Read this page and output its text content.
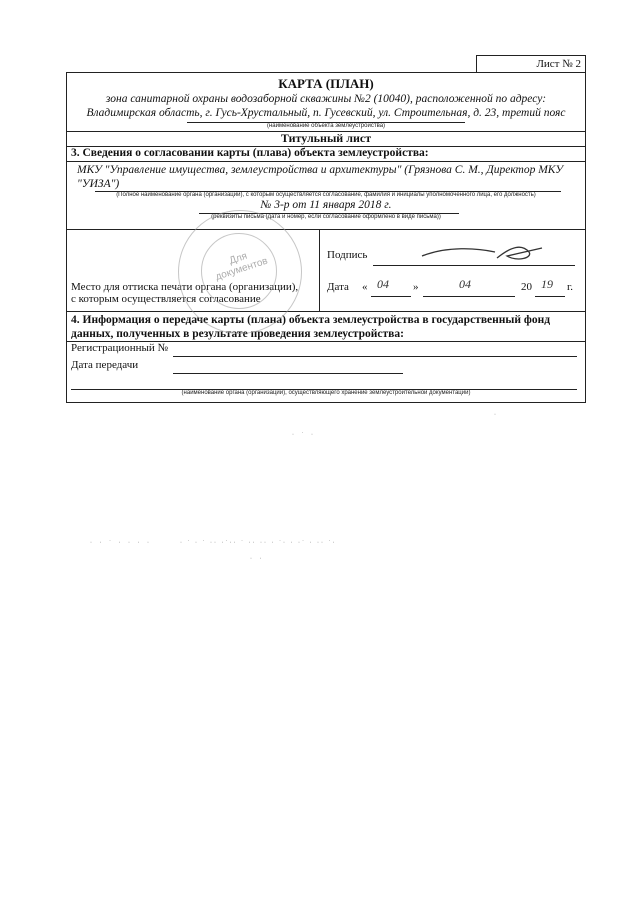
Лист № 2
КАРТА (ПЛАН)
зона санитарной охраны водозаборной скважины №2 (10040), расположенной по адресу:
Владимирская область, г. Гусь-Хрустальный, п. Гусевский, ул. Строительная, д. 23, третий пояс
(наименование объекта землеустройства)
Титульный лист
3. Сведения о согласовании карты (плава) объекта землеустройства:
МКУ "Управление имущества, землеустройства и архитектуры" (Грязнова С. М., Директор МКУ
"УИЗА")
(Полное наименование органа (организации), с которым осуществляется согласование, фамилия и инициалы уполномоченного лица, его должность)
№ 3-р от 11 января 2018 г.
(реквизиты письма (дата и номер, если согласование оформлено в виде письма))
Место для оттиска печати органа (организации),
с которым осуществляется согласование
Подпись
Дата « 04 »	04	20 19 г.
4. Информация о передаче карты (плана) объекта землеустройства в государственный фонд
данных, полученных в результате проведения землеустройства:
Регистрационный №
Дата передачи
(наименование органа (организации), осуществляющего хранение землеустроительной документации)
Для документов
· ˙ ·
·
· · ˙ · · · ·	· ˙ · ˙ ·· ·˙·· ˙ ·· ·· · ˙· · ·˙ · ·· ˙·
· ·
